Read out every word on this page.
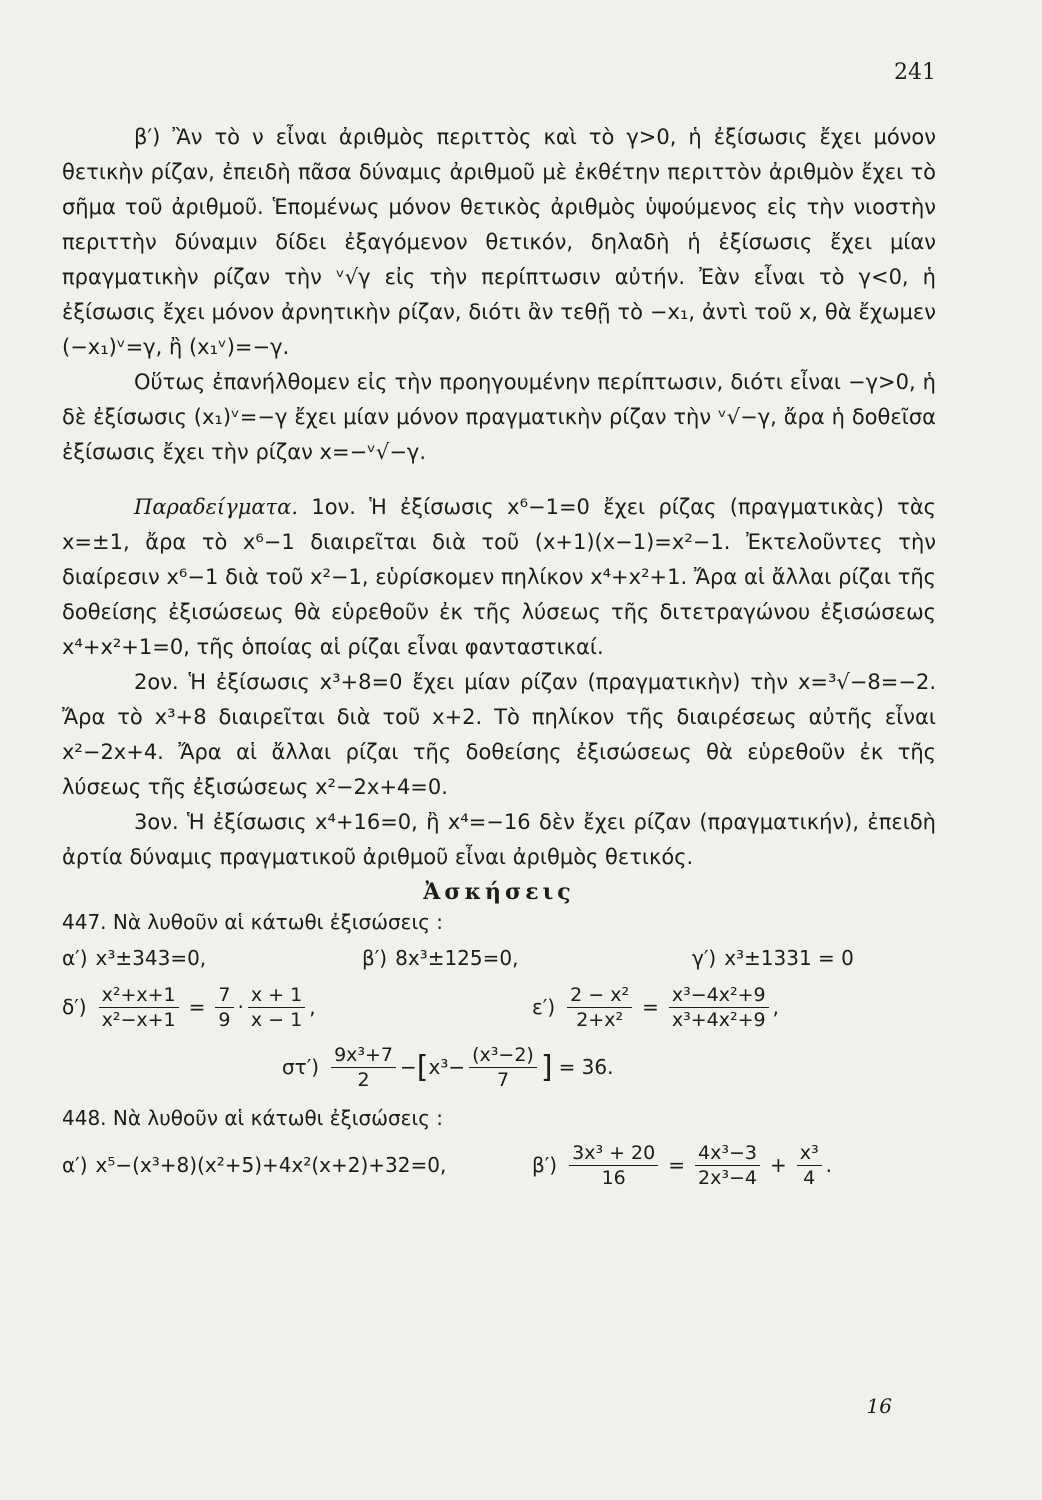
241

β′) Ἂν τὸ ν εἶναι ἀριθμὸς περιττὸς καὶ τὸ γ>0, ἡ ἐξίσωσις ἔχει μόνον θετικὴν ρίζαν, ἐπειδὴ πᾶσα δύναμις ἀριθμοῦ μὲ ἐκθέτην περιττὸν ἀριθμὸν ἔχει τὸ σῆμα τοῦ ἀριθμοῦ. Ἑπομένως μόνον θετικὸς ἀριθμὸς ὑψούμενος εἰς τὴν νιοστὴν περιττὴν δύναμιν δίδει ἐξαγόμενον θετικόν, δηλαδὴ ἡ ἐξίσωσις ἔχει μίαν πραγματικὴν ρίζαν τὴν ᵛ√γ εἰς τὴν περίπτωσιν αὐτήν. Ἐὰν εἶναι τὸ γ<0, ἡ ἐξίσωσις ἔχει μόνον ἀρνητικὴν ρίζαν, διότι ἂν τεθῇ τὸ −x₁, ἀντὶ τοῦ x, θὰ ἔχωμεν (−x₁)ᵛ=γ, ἢ (x₁ᵛ)=−γ.

Οὕτως ἐπανήλθομεν εἰς τὴν προηγουμένην περίπτωσιν, διότι εἶναι −γ>0, ἡ δὲ ἐξίσωσις (x₁)ᵛ=−γ ἔχει μίαν μόνον πραγματικὴν ρίζαν τὴν ᵛ√−γ, ἄρα ἡ δοθεῖσα ἐξίσωσις ἔχει τὴν ρίζαν x=−ᵛ√−γ.

Παραδείγματα. 1ον. Ἡ ἐξίσωσις x⁶−1=0 ἔχει ρίζας (πραγματικὰς) τὰς x=±1, ἄρα τὸ x⁶−1 διαιρεῖται διὰ τοῦ (x+1)(x−1)=x²−1. Ἐκτελοῦντες τὴν διαίρεσιν x⁶−1 διὰ τοῦ x²−1, εὑρίσκομεν πηλίκον x⁴+x²+1. Ἄρα αἱ ἄλλαι ρίζαι τῆς δοθείσης ἐξισώσεως θὰ εὑρεθοῦν ἐκ τῆς λύσεως τῆς διτετραγώνου ἐξισώσεως x⁴+x²+1=0, τῆς ὁποίας αἱ ρίζαι εἶναι φανταστικαί.

2ον. Ἡ ἐξίσωσις x³+8=0 ἔχει μίαν ρίζαν (πραγματικὴν) τὴν x=³√−8=−2. Ἄρα τὸ x³+8 διαιρεῖται διὰ τοῦ x+2. Τὸ πηλίκον τῆς διαιρέσεως αὐτῆς εἶναι x²−2x+4. Ἄρα αἱ ἄλλαι ρίζαι τῆς δοθείσης ἐξισώσεως θὰ εὑρεθοῦν ἐκ τῆς λύσεως τῆς ἐξισώσεως x²−2x+4=0.

3ον. Ἡ ἐξίσωσις x⁴+16=0, ἢ x⁴=−16 δὲν ἔχει ρίζαν (πραγματικήν), ἐπειδὴ ἀρτία δύναμις πραγματικοῦ ἀριθμοῦ εἶναι ἀριθμὸς θετικός.

Ἀσκήσεις
447. Νὰ λυθοῦν αἱ κάτωθι ἐξισώσεις :
α′) x³±343=0,	β′) 8x³±125=0,	γ′) x³±1331 = 0
$\delta') \frac{\text{x²+x+1}}{\text{x²−x+1}} = \frac{7}{9} \cdot \frac{x + 1}{x - 1}$ ,	$\varepsilon') \frac{\text{2 − x²}}{\text{2+x²}} = \frac{\text{x³−4x²+9}}{\text{x³+4x²+9}}$ ,
$\sigma\tau') \frac{\text{9x³+7}}{2}$ − [ $x^3- \frac{\text{(x³−2)}}{7}$ ] = 36.
448. Νὰ λυθοῦν αἱ κάτωθι ἐξισώσεις :
α′) x⁵−(x³+8)(x²+5)+4x²(x+2)+32=0,	$\beta') \frac{\text{3x³ + 20}}{16} = \frac{\text{4x³−3}}{\text{2x³−4}} + \frac{\text{x³}}{4}$ .
16
